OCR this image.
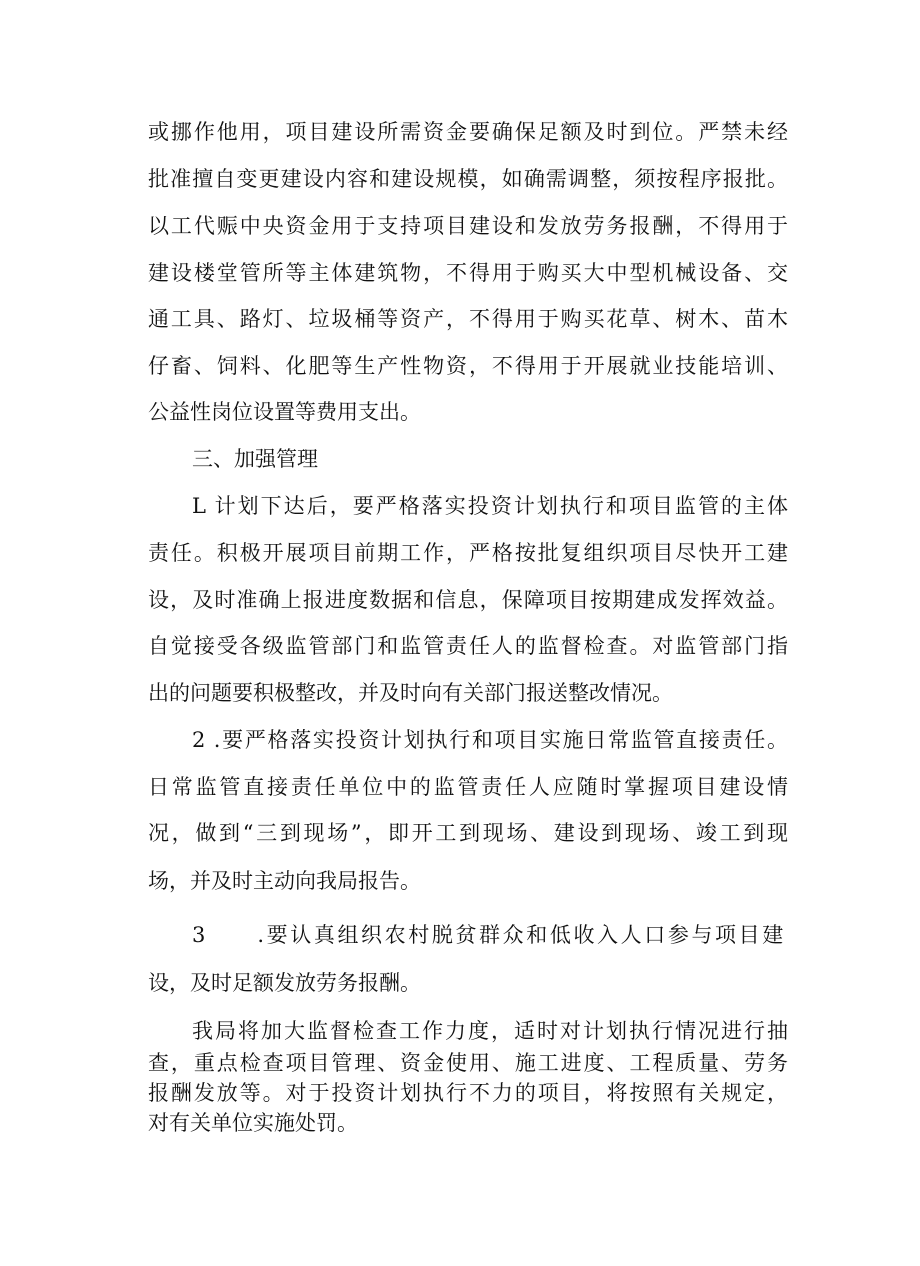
或挪作他用，项目建设所需资金要确保足额及时到位。严禁未经
批准擅自变更建设内容和建设规模，如确需调整，须按程序报批。
以工代赈中央资金用于支持项目建设和发放劳务报酬，不得用于
建设楼堂管所等主体建筑物，不得用于购买大中型机械设备、交
通工具、路灯、垃圾桶等资产，不得用于购买花草、树木、苗木
仔畜、饲料、化肥等生产性物资，不得用于开展就业技能培训、
公益性岗位设置等费用支出。
三、加强管理
L 计划下达后，要严格落实投资计划执行和项目监管的主体
责任。积极开展项目前期工作，严格按批复组织项目尽快开工建
设，及时准确上报进度数据和信息，保障项目按期建成发挥效益。
自觉接受各级监管部门和监管责任人的监督检查。对监管部门指
出的问题要积极整改，并及时向有关部门报送整改情况。
2 .要严格落实投资计划执行和项目实施日常监管直接责任。
日常监管直接责任单位中的监管责任人应随时掌握项目建设情
况，做到“三到现场”，即开工到现场、建设到现场、竣工到现
场，并及时主动向我局报告。
3 .要认真组织农村脱贫群众和低收入人口参与项目建
设，及时足额发放劳务报酬。
我局将加大监督检查工作力度，适时对计划执行情况进行抽
查，重点检查项目管理、资金使用、施工进度、工程质量、劳务
报酬发放等。对于投资计划执行不力的项目，将按照有关规定，
对有关单位实施处罚。
